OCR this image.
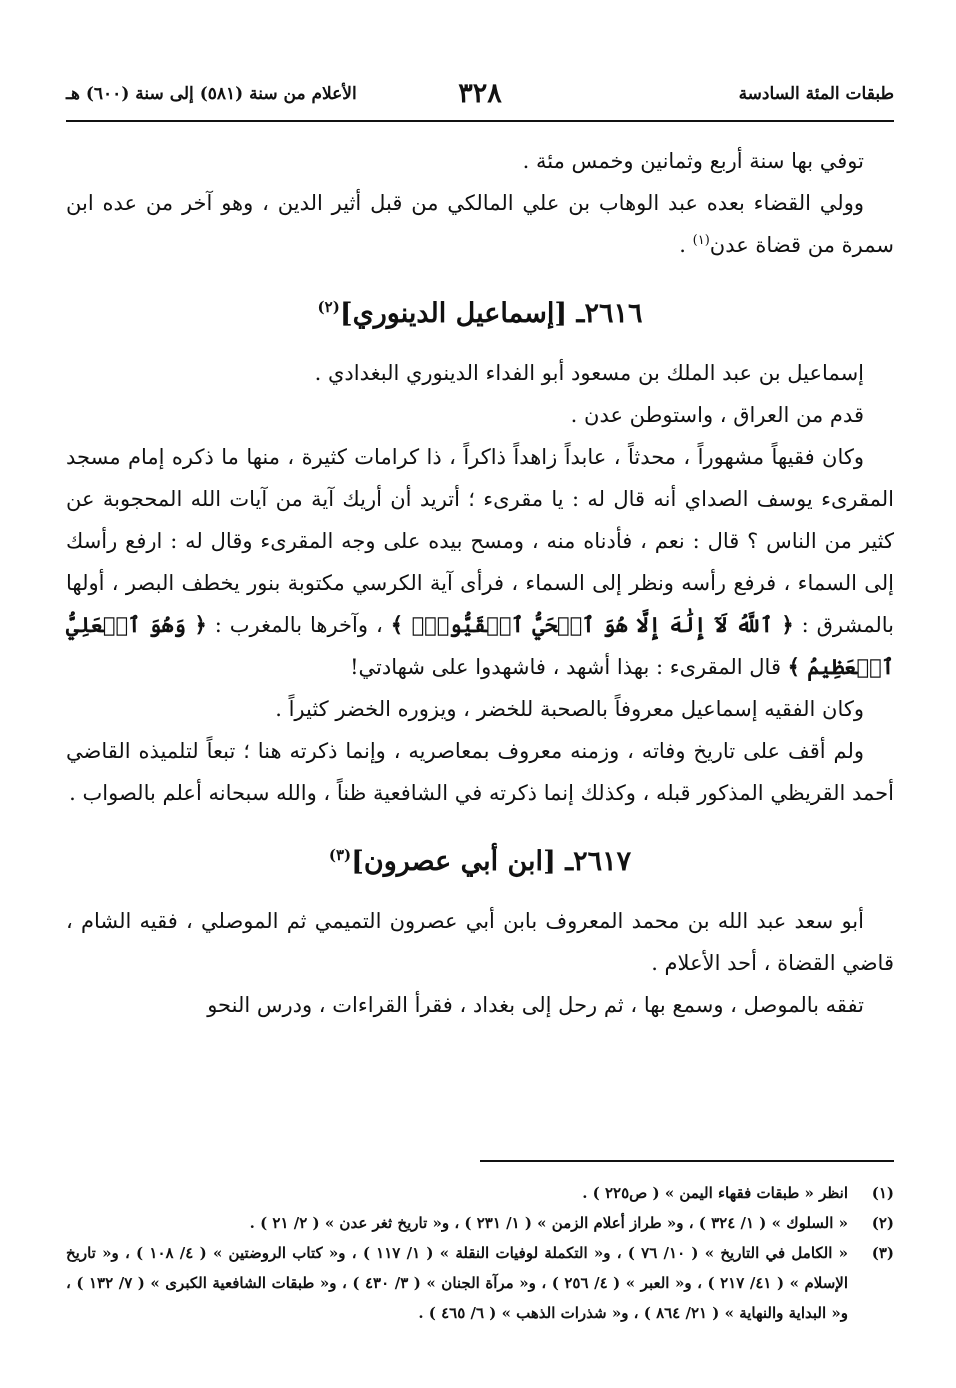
طبقات المئة السادسة
٣٢٨
الأعلام من سنة (٥٨١) إلى سنة (٦٠٠) هـ

توفي بها سنة أربع وثمانين وخمس مئة .

وولي القضاء بعده عبد الوهاب بن علي المالكي من قبل أثير الدين ، وهو آخر من عده ابن سمرة من قضاة عدن$^{(١)}$ .

٢٦١٦ـ [إسماعيل الدينوري]$^{(٢)}$

إسماعيل بن عبد الملك بن مسعود أبو الفداء الدينوري البغدادي .

قدم من العراق ، واستوطن عدن .

وكان فقيهاً مشهوراً ، محدثاً ، عابداً زاهداً ذاكراً ، ذا كرامات كثيرة ، منها ما ذكره إمام مسجد المقرىء يوسف الصداي أنه قال له : يا مقرىء ؛ أتريد أن أريك آية من آيات الله المحجوبة عن كثير من الناس ؟ قال : نعم ، فأدناه منه ، ومسح بيده على وجه المقرىء وقال له : ارفع رأسك إلى السماء ، فرفع رأسه ونظر إلى السماء ، فرأى آية الكرسي مكتوبة بنور يخطف البصر ، أولها بالمشرق : ﴿ ٱللَّهُ لَآ إِلَٰهَ إِلَّا هُوَ ٱلۡحَيُّ ٱلۡقَيُّومُۚ ﴾ ، وآخرها بالمغرب : ﴿ وَهُوَ ٱلۡعَلِيُّ ٱلۡعَظِيمُ ﴾ قال المقرىء : بهذا أشهد ، فاشهدوا على شهادتي!

وكان الفقيه إسماعيل معروفاً بالصحبة للخضر ، ويزوره الخضر كثيراً .

ولم أقف على تاريخ وفاته ، وزمنه معروف بمعاصريه ، وإنما ذكرته هنا ؛ تبعاً لتلميذه القاضي أحمد القريظي المذكور قبله ، وكذلك إنما ذكرته في الشافعية ظناً ، والله سبحانه أعلم بالصواب .

٢٦١٧ـ [ابن أبي عصرون]$^{(٣)}$

أبو سعد عبد الله بن محمد المعروف بابن أبي عصرون التميمي ثم الموصلي ، فقيه الشام ، قاضي القضاة ، أحد الأعلام .

تفقه بالموصل ، وسمع بها ، ثم رحل إلى بغداد ، فقرأ القراءات ، ودرس النحو

(١)
انظر « طبقات فقهاء اليمن » ( ص٢٢٥ ) .
(٢)
« السلوك » ( ١/ ٣٢٤ ) ، و« طراز أعلام الزمن » ( ١/ ٢٣١ ) ، و« تاريخ ثغر عدن » ( ٢/ ٢١ ) .
(٣)
« الكامل في التاريخ » ( ١٠/ ٧٦ ) ، و« التكملة لوفيات النقلة » ( ١/ ١١٧ ) ، و« كتاب الروضتين » ( ٤/ ١٠٨ ) ، و« تاريخ الإسلام » ( ٤١/ ٢١٧ ) ، و« العبر » ( ٤/ ٢٥٦ ) ، و« مرآة الجنان » ( ٣/ ٤٣٠ ) ، و« طبقات الشافعية الكبرى » ( ٧/ ١٣٢ ) ، و« البداية والنهاية » ( ٢١/ ٨٦٤ ) ، و« شذرات الذهب » ( ٦/ ٤٦٥ ) .
